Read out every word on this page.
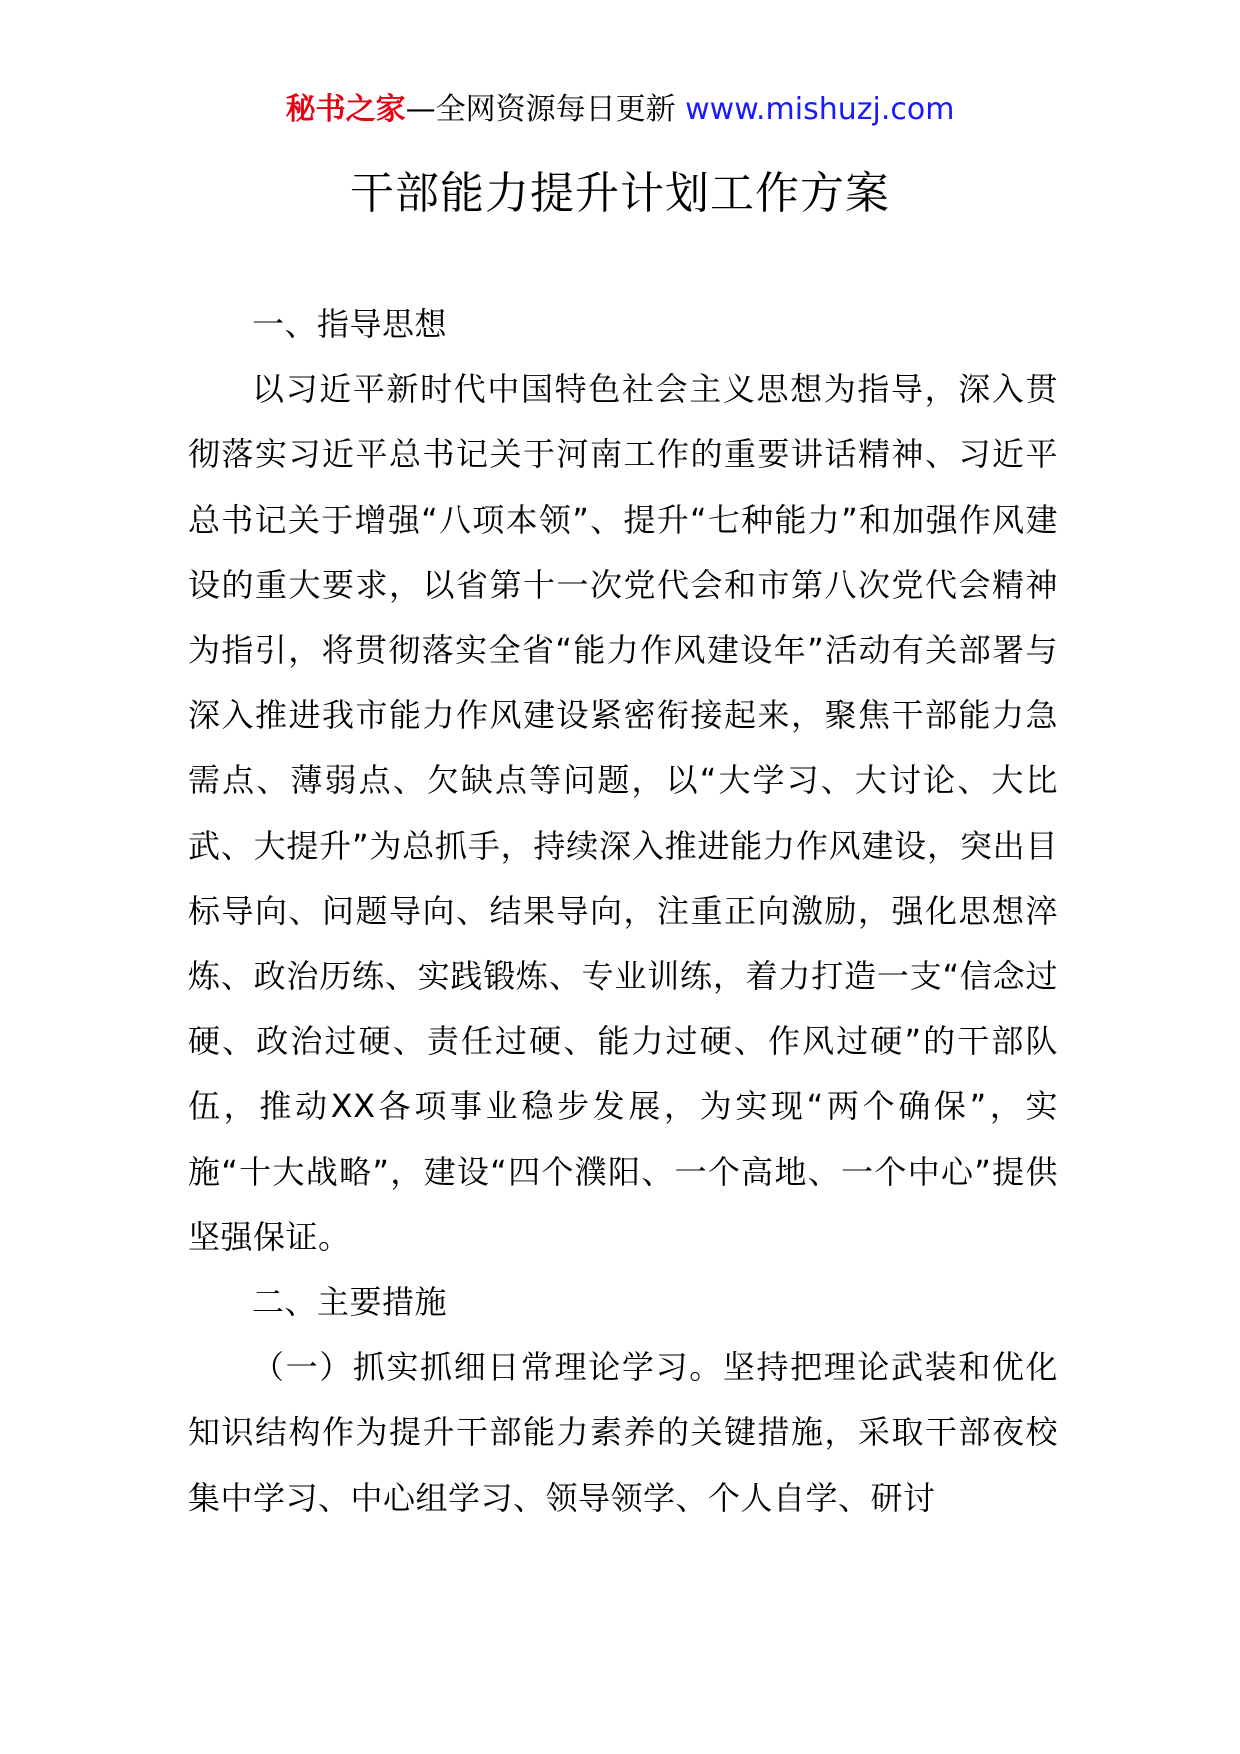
秘书之家—全网资源每日更新 www.mishuzj.com
干部能力提升计划工作方案
一、指导思想

以习近平新时代中国特色社会主义思想为指导，深入贯彻落实习近平总书记关于河南工作的重要讲话精神、习近平总书记关于增强“八项本领”、提升“七种能力”和加强作风建设的重大要求，以省第十一次党代会和市第八次党代会精神为指引，将贯彻落实全省“能力作风建设年”活动有关部署与深入推进我市能力作风建设紧密衔接起来，聚焦干部能力急需点、薄弱点、欠缺点等问题，以“大学习、大讨论、大比武、大提升”为总抓手，持续深入推进能力作风建设，突出目标导向、问题导向、结果导向，注重正向激励，强化思想淬炼、政治历练、实践锻炼、专业训练，着力打造一支“信念过硬、政治过硬、责任过硬、能力过硬、作风过硬”的干部队伍，推动XX各项事业稳步发展，为实现“两个确保”，实施“十大战略”，建设“四个濮阳、一个高地、一个中心”提供坚强保证。

二、主要措施

（一）抓实抓细日常理论学习。坚持把理论武装和优化知识结构作为提升干部能力素养的关键措施，采取干部夜校集中学习、中心组学习、领导领学、个人自学、研讨
